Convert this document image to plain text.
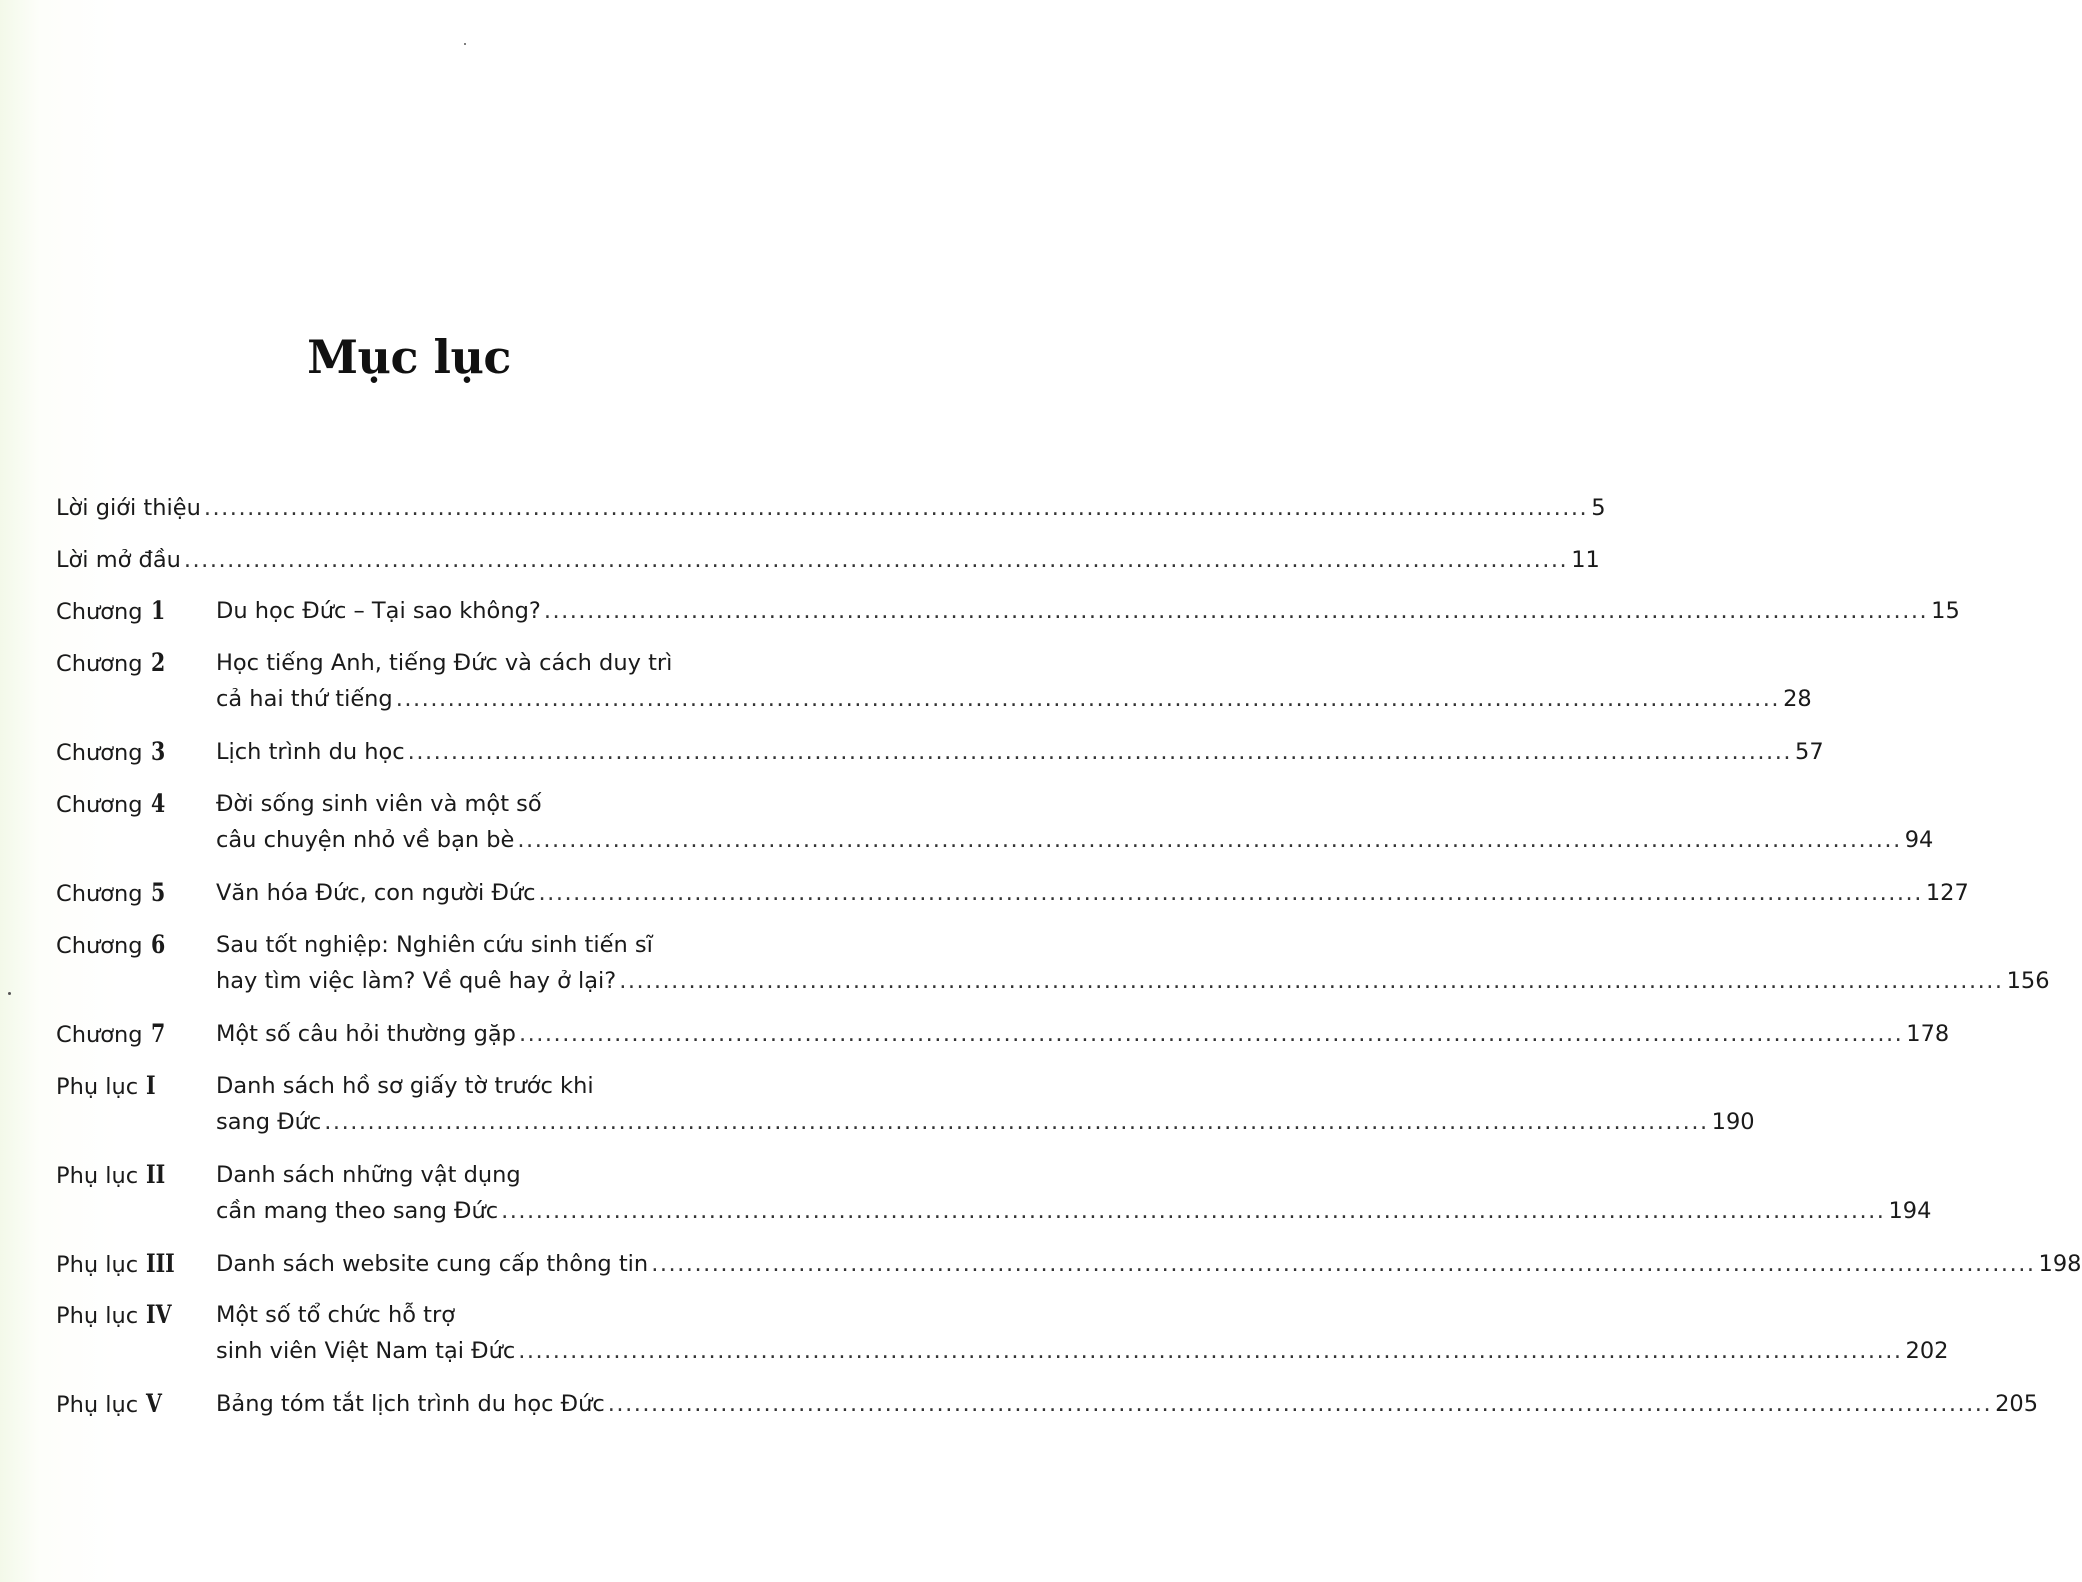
Mục lục
Lời giới thiệu ................................................................................................................................................................ 5
Lời mở đầu ................................................................................................................................................................ 11
Chương 1 Du học Đức – Tại sao không? ................................................................................................................................................................ 15
Chương 2 Học tiếng Anh, tiếng Đức và cách duy trì
cả hai thứ tiếng ................................................................................................................................................................ 28
Chương 3 Lịch trình du học ................................................................................................................................................................ 57
Chương 4 Đời sống sinh viên và một số
câu chuyện nhỏ về bạn bè ................................................................................................................................................................ 94
Chương 5 Văn hóa Đức, con người Đức ................................................................................................................................................................ 127
Chương 6 Sau tốt nghiệp: Nghiên cứu sinh tiến sĩ
hay tìm việc làm? Về quê hay ở lại? ................................................................................................................................................................ 156
Chương 7 Một số câu hỏi thường gặp ................................................................................................................................................................ 178
Phụ lục I	Danh sách hồ sơ giấy tờ trước khi
sang Đức ................................................................................................................................................................ 190
Phụ lục II Danh sách những vật dụng
cần mang theo sang Đức ................................................................................................................................................................ 194
Phụ lục III Danh sách website cung cấp thông tin ................................................................................................................................................................ 198
Phụ lục IV Một số tổ chức hỗ trợ
sinh viên Việt Nam tại Đức ................................................................................................................................................................ 202
Phụ lục V Bảng tóm tắt lịch trình du học Đức ................................................................................................................................................................ 205
